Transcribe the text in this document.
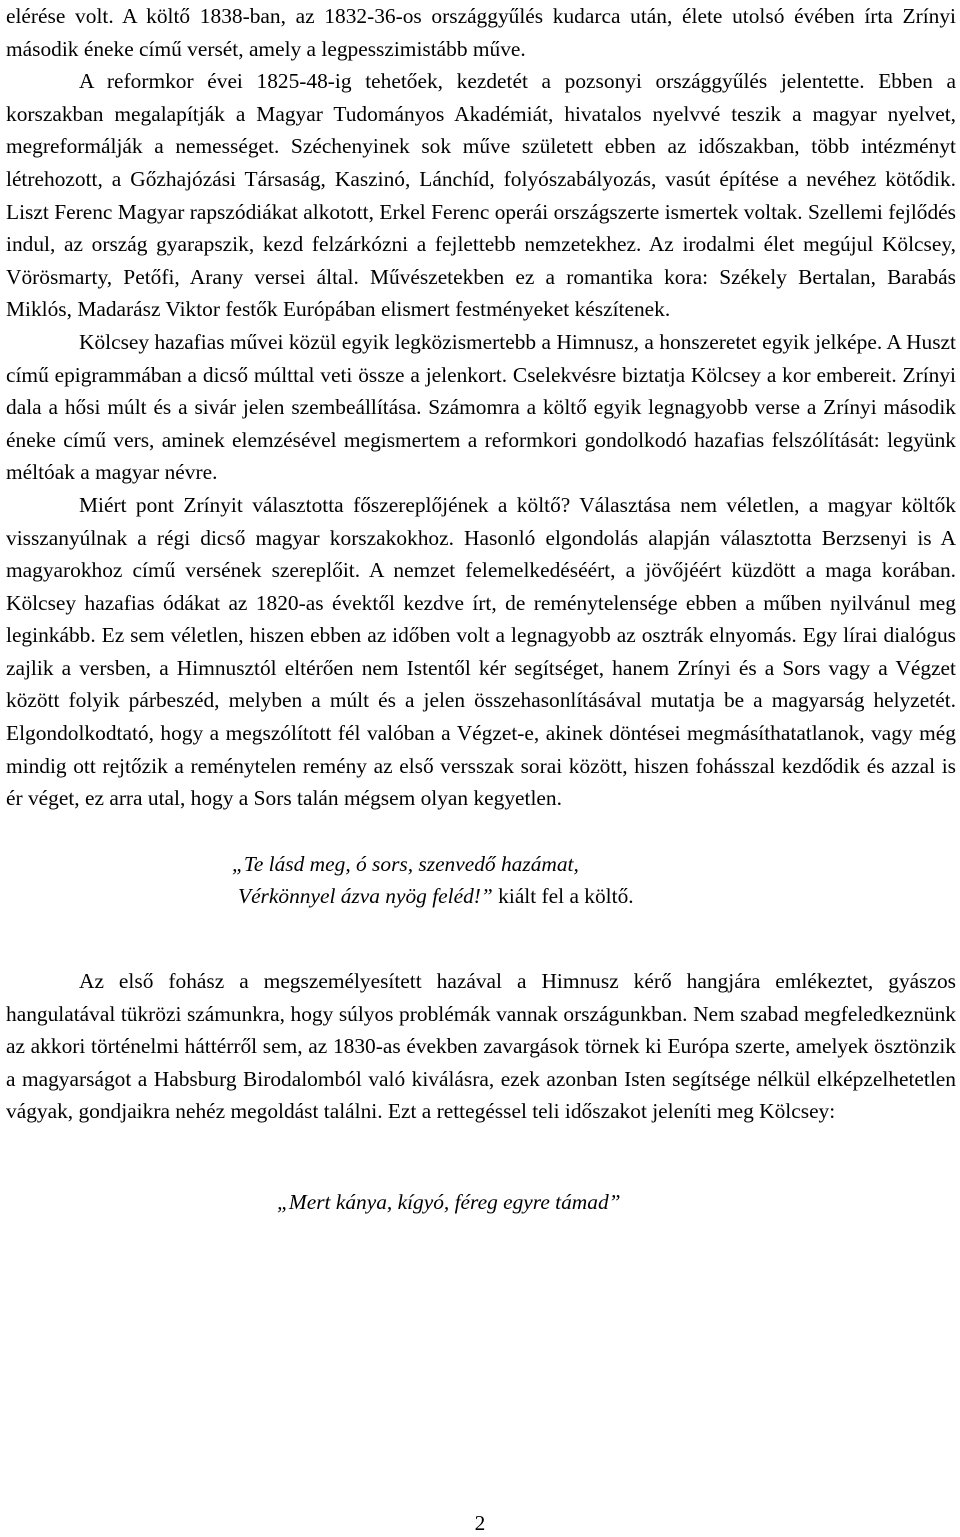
elérése volt. A költő 1838-ban, az 1832-36-os országgyűlés kudarca után, élete utolsó évében írta Zrínyi második éneke című versét, amely a legpesszimistább műve.

A reformkor évei 1825-48-ig tehetőek, kezdetét a pozsonyi országgyűlés jelentette. Ebben a korszakban megalapítják a Magyar Tudományos Akadémiát, hivatalos nyelvvé teszik a magyar nyelvet, megreformálják a nemességet. Széchenyinek sok műve született ebben az időszakban, több intézményt létrehozott, a Gőzhajózási Társaság, Kaszinó, Lánchíd, folyószabályozás, vasút építése a nevéhez kötődik. Liszt Ferenc Magyar rapszódiákat alkotott, Erkel Ferenc operái országszerte ismertek voltak. Szellemi fejlődés indul, az ország gyarapszik, kezd felzárkózni a fejlettebb nemzetekhez. Az irodalmi élet megújul Kölcsey, Vörösmarty, Petőfi, Arany versei által. Művészetekben ez a romantika kora: Székely Bertalan, Barabás Miklós, Madarász Viktor festők Európában elismert festményeket készítenek.

Kölcsey hazafias művei közül egyik legközismertebb a Himnusz, a honszeretet egyik jelképe. A Huszt című epigrammában a dicső múlttal veti össze a jelenkort. Cselekvésre biztatja Kölcsey a kor embereit. Zrínyi dala a hősi múlt és a sivár jelen szembeállítása. Számomra a költő egyik legnagyobb verse a Zrínyi második éneke című vers, aminek elemzésével megismertem a reformkori gondolkodó hazafias felszólítását: legyünk méltóak a magyar névre.

Miért pont Zrínyit választotta főszereplőjének a költő? Választása nem véletlen, a magyar költők visszanyúlnak a régi dicső magyar korszakokhoz. Hasonló elgondolás alapján választotta Berzsenyi is A magyarokhoz című versének szereplőit. A nemzet felemelkedéséért, a jövőjéért küzdött a maga korában. Kölcsey hazafias ódákat az 1820-as évektől kezdve írt, de reménytelensége ebben a műben nyilvánul meg leginkább. Ez sem véletlen, hiszen ebben az időben volt a legnagyobb az osztrák elnyomás. Egy lírai dialógus zajlik a versben, a Himnusztól eltérően nem Istentől kér segítséget, hanem Zrínyi és a Sors vagy a Végzet között folyik párbeszéd, melyben a múlt és a jelen összehasonlításával mutatja be a magyarság helyzetét. Elgondolkodtató, hogy a megszólított fél valóban a Végzet-e, akinek döntései megmásíthatatlanok, vagy még mindig ott rejtőzik a reménytelen remény az első versszak sorai között, hiszen fohásszal kezdődik és azzal is ér véget, ez arra utal, hogy a Sors talán mégsem olyan kegyetlen.

„Te lásd meg, ó sors, szenvedő hazámat,

Vérkönnyel ázva nyög feléd!” kiált fel a költő.

Az első fohász a megszemélyesített hazával a Himnusz kérő hangjára emlékeztet, gyászos hangulatával tükrözi számunkra, hogy súlyos problémák vannak országunkban. Nem szabad megfeledkeznünk az akkori történelmi háttérről sem, az 1830-as években zavargások törnek ki Európa szerte, amelyek ösztönzik a magyarságot a Habsburg Birodalomból való kiválásra, ezek azonban Isten segítsége nélkül elképzelhetetlen vágyak, gondjaikra nehéz megoldást találni. Ezt a rettegéssel teli időszakot jeleníti meg Kölcsey:

„Mert kánya, kígyó, féreg egyre támad”

2
